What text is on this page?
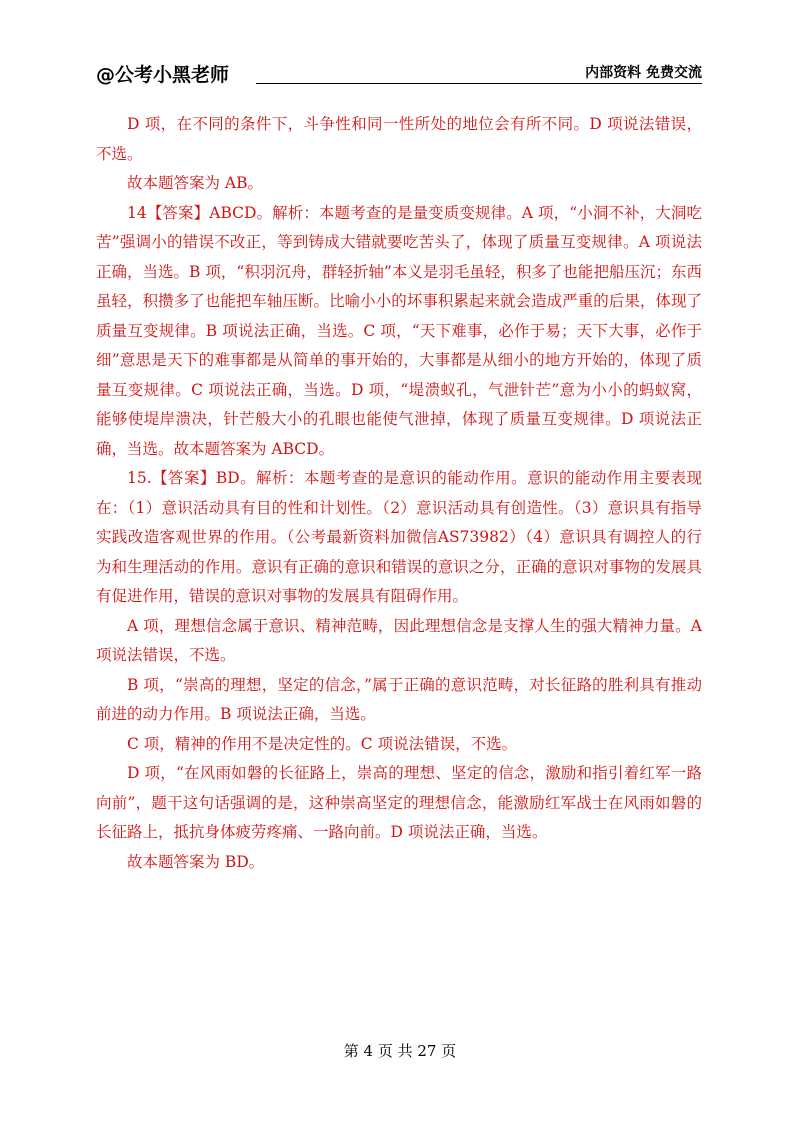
@公考小黑老师	内部资料 免费交流

D 项，在不同的条件下，斗争性和同一性所处的地位会有所不同。D 项说法错误，不选。

故本题答案为 AB。

14【答案】ABCD。解析：本题考查的是量变质变规律。A 项，“小洞不补，大洞吃苦”强调小的错误不改正，等到铸成大错就要吃苦头了，体现了质量互变规律。A 项说法正确，当选。B 项，“积羽沉舟，群轻折轴”本义是羽毛虽轻，积多了也能把船压沉；东西虽轻，积攒多了也能把车轴压断。比喻小小的坏事积累起来就会造成严重的后果，体现了质量互变规律。B 项说法正确，当选。C 项，“天下难事，必作于易；天下大事，必作于细”意思是天下的难事都是从简单的事开始的，大事都是从细小的地方开始的，体现了质量互变规律。C 项说法正确，当选。D 项，“堤溃蚁孔，气泄针芒”意为小小的蚂蚁窝，能够使堤岸溃决，针芒般大小的孔眼也能使气泄掉，体现了质量互变规律。D 项说法正确，当选。故本题答案为 ABCD。

15.【答案】BD。解析：本题考查的是意识的能动作用。意识的能动作用主要表现在：（1）意识活动具有目的性和计划性。（2）意识活动具有创造性。（3）意识具有指导实践改造客观世界的作用。（公考最新资料加微信AS73982）（4）意识具有调控人的行为和生理活动的作用。意识有正确的意识和错误的意识之分，正确的意识对事物的发展具有促进作用，错误的意识对事物的发展具有阻碍作用。

A 项，理想信念属于意识、精神范畴，因此理想信念是支撑人生的强大精神力量。A 项说法错误，不选。

B 项，“崇高的理想，坚定的信念，”属于正确的意识范畴，对长征路的胜利具有推动前进的动力作用。B 项说法正确，当选。

C 项，精神的作用不是决定性的。C 项说法错误，不选。

D 项，“在风雨如磐的长征路上，崇高的理想、坚定的信念，激励和指引着红军一路向前”，题干这句话强调的是，这种崇高坚定的理想信念，能激励红军战士在风雨如磐的长征路上，抵抗身体疲劳疼痛、一路向前。D 项说法正确，当选。

故本题答案为 BD。

第 4 页 共 27 页
